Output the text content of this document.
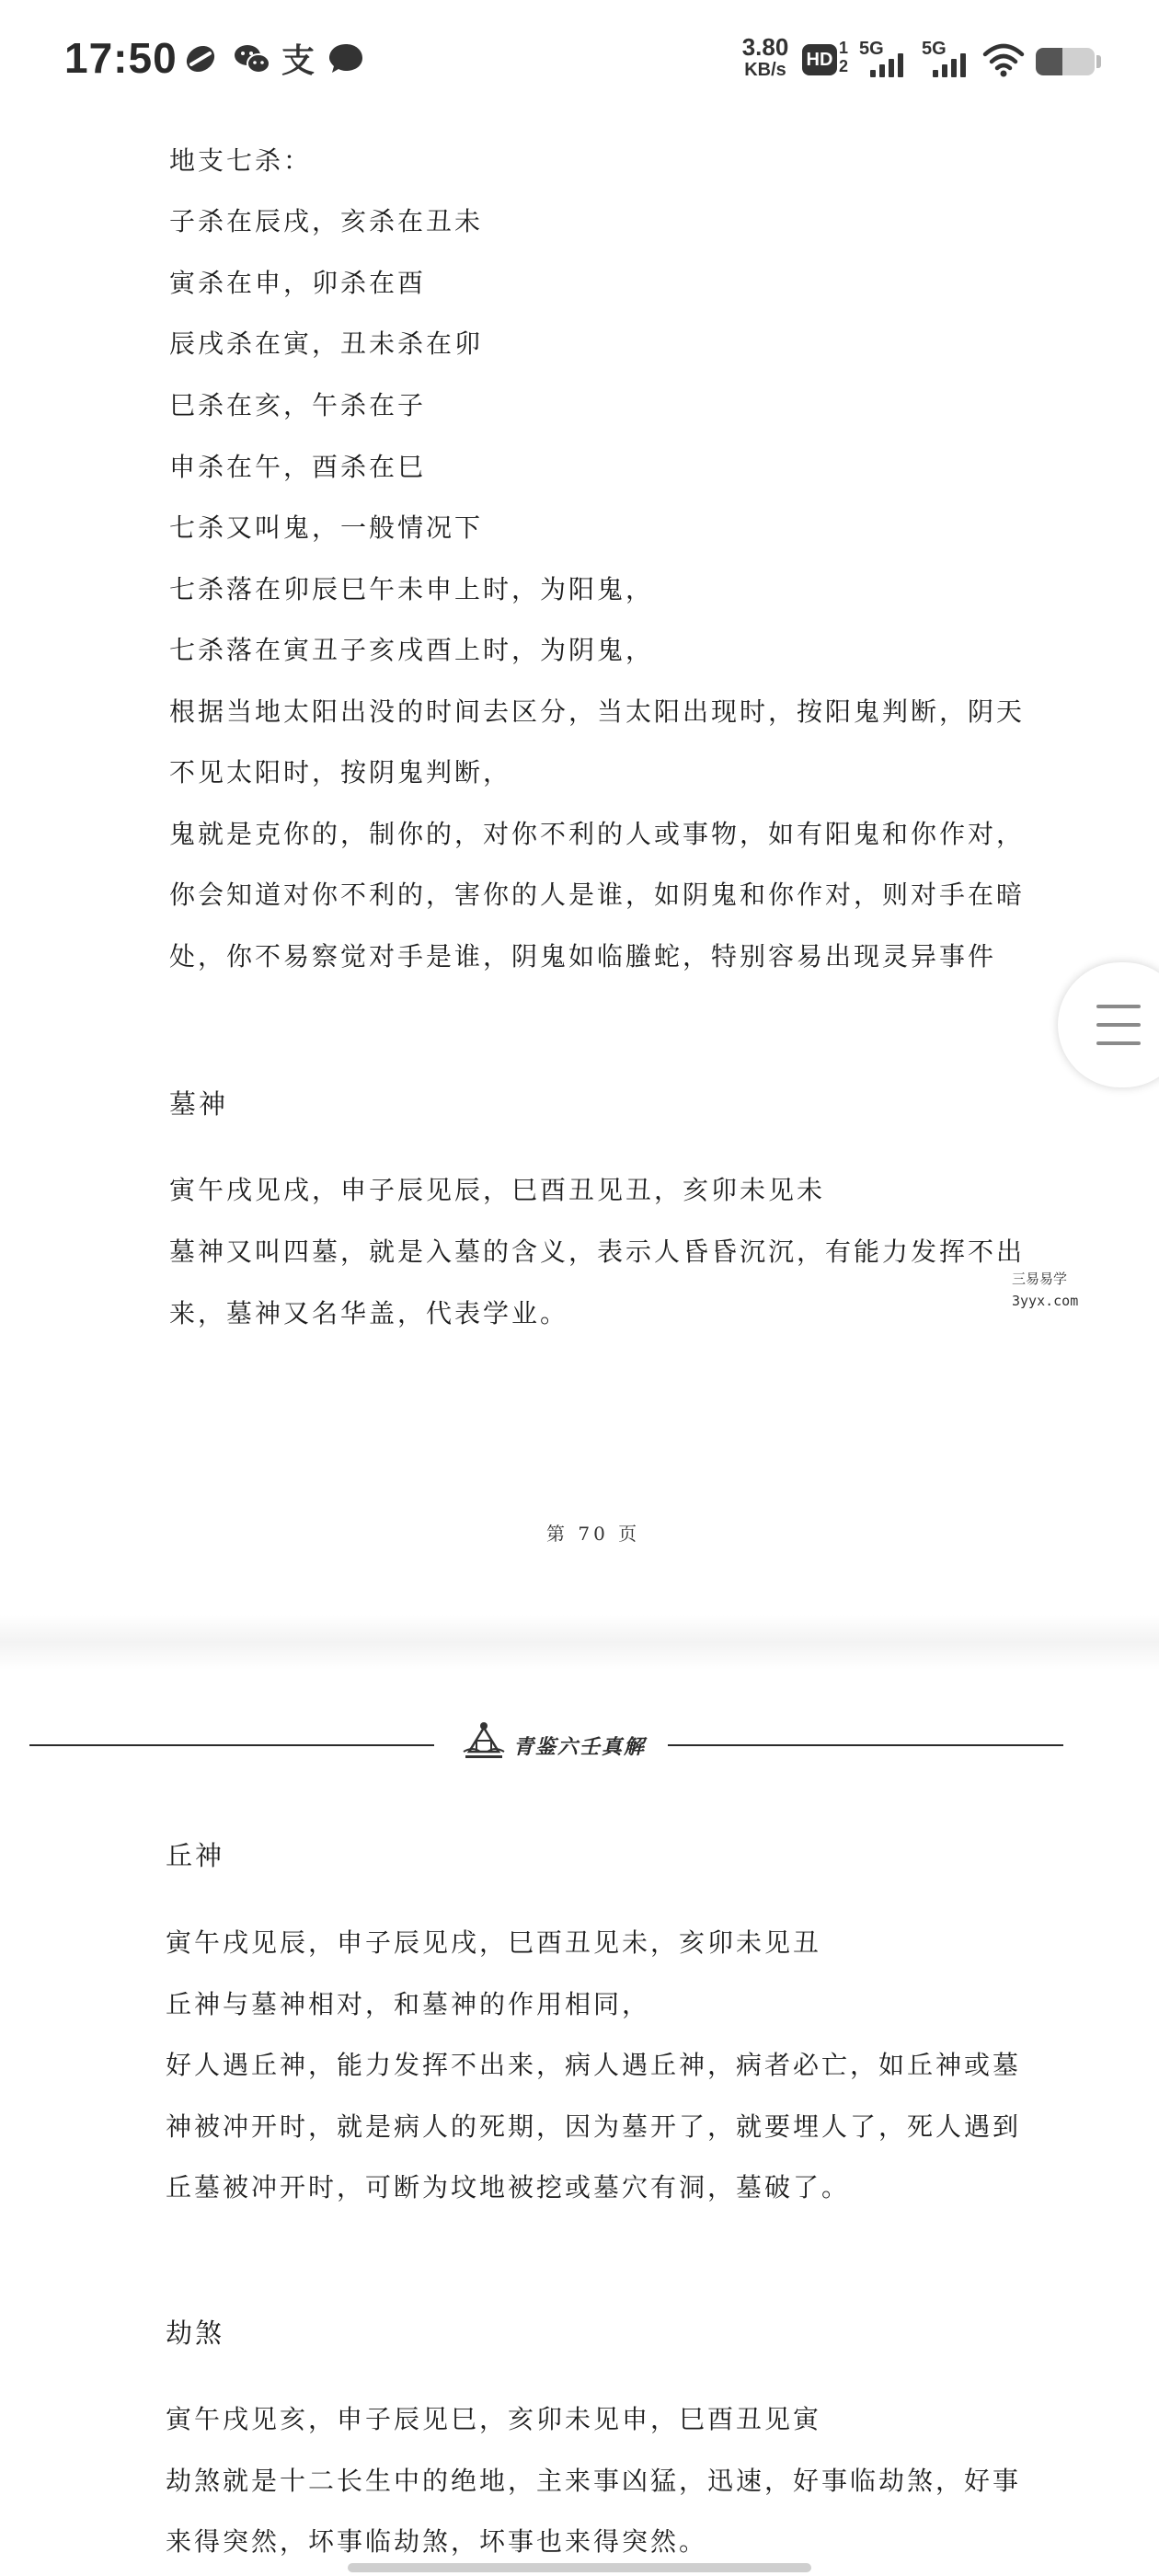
17:50	支	3.80
KB/s	HD
1
2
5G 5G
地支七杀：
子杀在辰戌，亥杀在丑未
寅杀在申，卯杀在酉
辰戌杀在寅，丑未杀在卯
巳杀在亥，午杀在子
申杀在午，酉杀在巳
七杀又叫鬼，一般情况下
七杀落在卯辰巳午未申上时，为阳鬼，
七杀落在寅丑子亥戌酉上时，为阴鬼，
根据当地太阳出没的时间去区分，当太阳出现时，按阳鬼判断，阴天
不见太阳时，按阴鬼判断，
鬼就是克你的，制你的，对你不利的人或事物，如有阳鬼和你作对，
你会知道对你不利的，害你的人是谁，如阴鬼和你作对，则对手在暗
处，你不易察觉对手是谁，阴鬼如临螣蛇，特别容易出现灵异事件
墓神
寅午戌见戌，申子辰见辰，巳酉丑见丑，亥卯未见未
墓神又叫四墓，就是入墓的含义，表示人昏昏沉沉，有能力发挥不出
来，墓神又名华盖，代表学业。
三易易学
3yyx.com
第 70 页
青鉴六壬真解
丘神
寅午戌见辰，申子辰见戌，巳酉丑见未，亥卯未见丑
丘神与墓神相对，和墓神的作用相同，
好人遇丘神，能力发挥不出来，病人遇丘神，病者必亡，如丘神或墓
神被冲开时，就是病人的死期，因为墓开了，就要埋人了，死人遇到
丘墓被冲开时，可断为坟地被挖或墓穴有洞，墓破了。
劫煞
寅午戌见亥，申子辰见巳，亥卯未见申，巳酉丑见寅
劫煞就是十二长生中的绝地，主来事凶猛，迅速，好事临劫煞，好事
来得突然，坏事临劫煞，坏事也来得突然。
